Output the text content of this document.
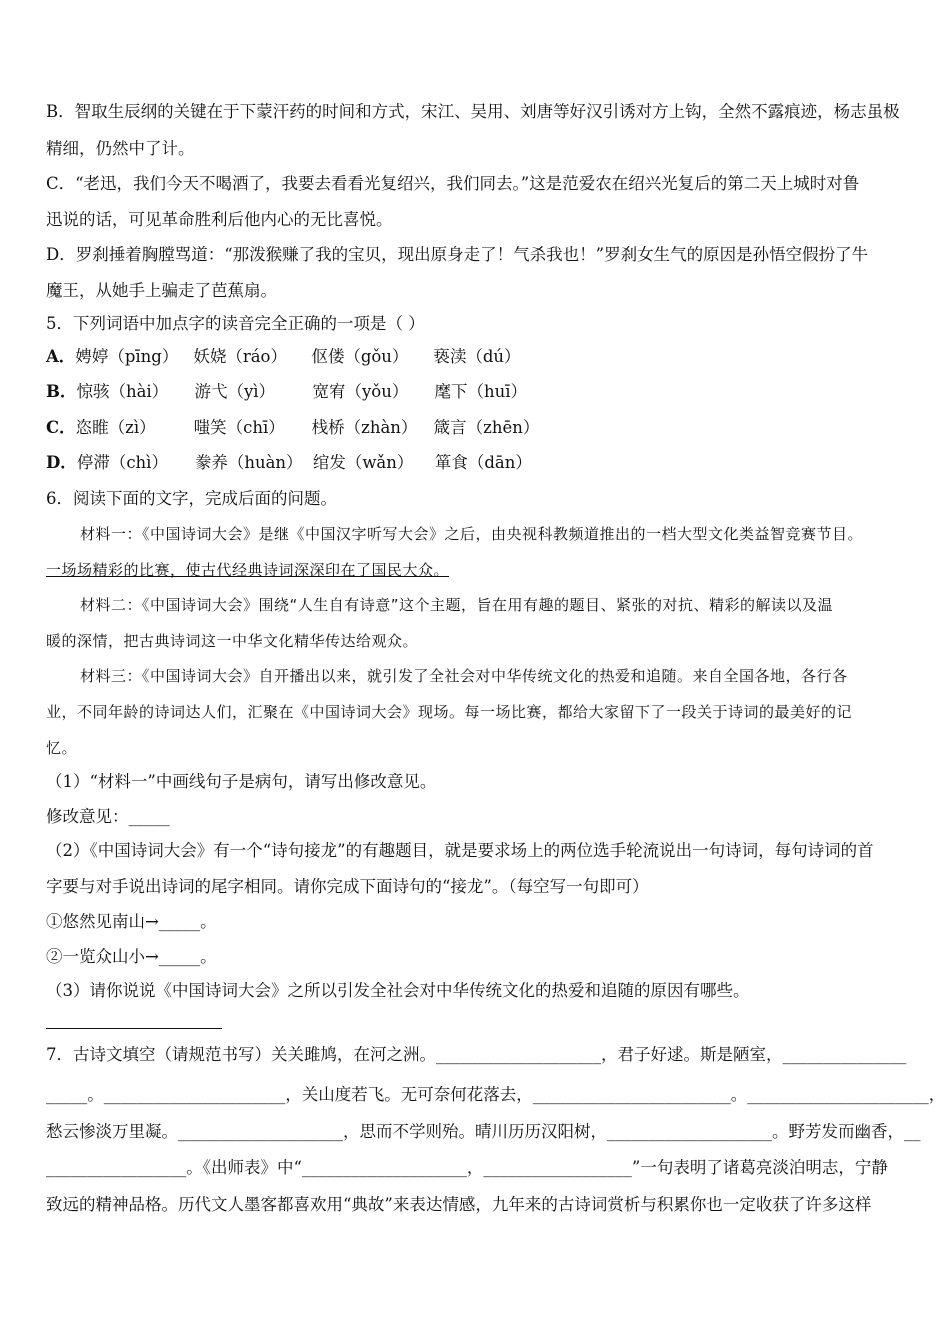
B．智取生辰纲的关键在于下蒙汗药的时间和方式，宋江、吴用、刘唐等好汉引诱对方上钩，全然不露痕迹，杨志虽极
精细，仍然中了计。
C．“老迅，我们今天不喝酒了，我要去看看光复绍兴，我们同去。”这是范爱农在绍兴光复后的第二天上城时对鲁
迅说的话，可见革命胜利后他内心的无比喜悦。
D．罗刹捶着胸膛骂道：“那泼猴赚了我的宝贝，现出原身走了！气杀我也！”罗刹女生气的原因是孙悟空假扮了牛
魔王，从她手上骗走了芭蕉扇。
5．下列词语中加点字的读音完全正确的一项是（ ）
A．娉婷（pīng） 妖娆（ráo） 伛偻（gǒu） 亵渎（dú）
B．惊骇（hài） 游弋（yì） 宽宥（yǒu） 麾下（huī）
C．恣睢（zì） 嗤笑（chī） 栈桥（zhàn） 箴言（zhēn）
D．停滞（chì） 豢养（huàn） 绾发（wǎn） 箪食（dān）
6．阅读下面的文字，完成后面的问题。
材料一：《中国诗词大会》是继《中国汉字听写大会》之后，由央视科教频道推出的一档大型文化类益智竞赛节目。
一场场精彩的比赛，使古代经典诗词深深印在了国民大众。
材料二：《中国诗词大会》围绕“人生自有诗意”这个主题，旨在用有趣的题目、紧张的对抗、精彩的解读以及温
暖的深情，把古典诗词这一中华文化精华传达给观众。
材料三：《中国诗词大会》自开播出以来，就引发了全社会对中华传统文化的热爱和追随。来自全国各地，各行各
业，不同年龄的诗词达人们，汇聚在《中国诗词大会》现场。每一场比赛，都给大家留下了一段关于诗词的最美好的记
忆。
（1）“材料一”中画线句子是病句，请写出修改意见。
修改意见：_____
（2）《中国诗词大会》有一个“诗句接龙”的有趣题目，就是要求场上的两位选手轮流说出一句诗词，每句诗词的首
字要与对手说出诗词的尾字相同。请你完成下面诗句的“接龙”。（每空写一句即可）
①悠然见南山→_____。
②一览众山小→_____。
（3）请你说说《中国诗词大会》之所以引发全社会对中华传统文化的热爱和追随的原因有哪些。
7．古诗文填空（请规范书写）关关雎鸠，在河之洲。____________________，君子好逑。斯是陋室，_______________
_____。______________________，关山度若飞。无可奈何花落去，________________________。______________________，
愁云惨淡万里凝。____________________，思而不学则殆。晴川历历汉阳树，____________________。野芳发而幽香，__
_________________。《出师表》中“____________________，__________________”一句表明了诸葛亮淡泊明志，宁静
致远的精神品格。历代文人墨客都喜欢用“典故”来表达情感，九年来的古诗词赏析与积累你也一定收获了许多这样
